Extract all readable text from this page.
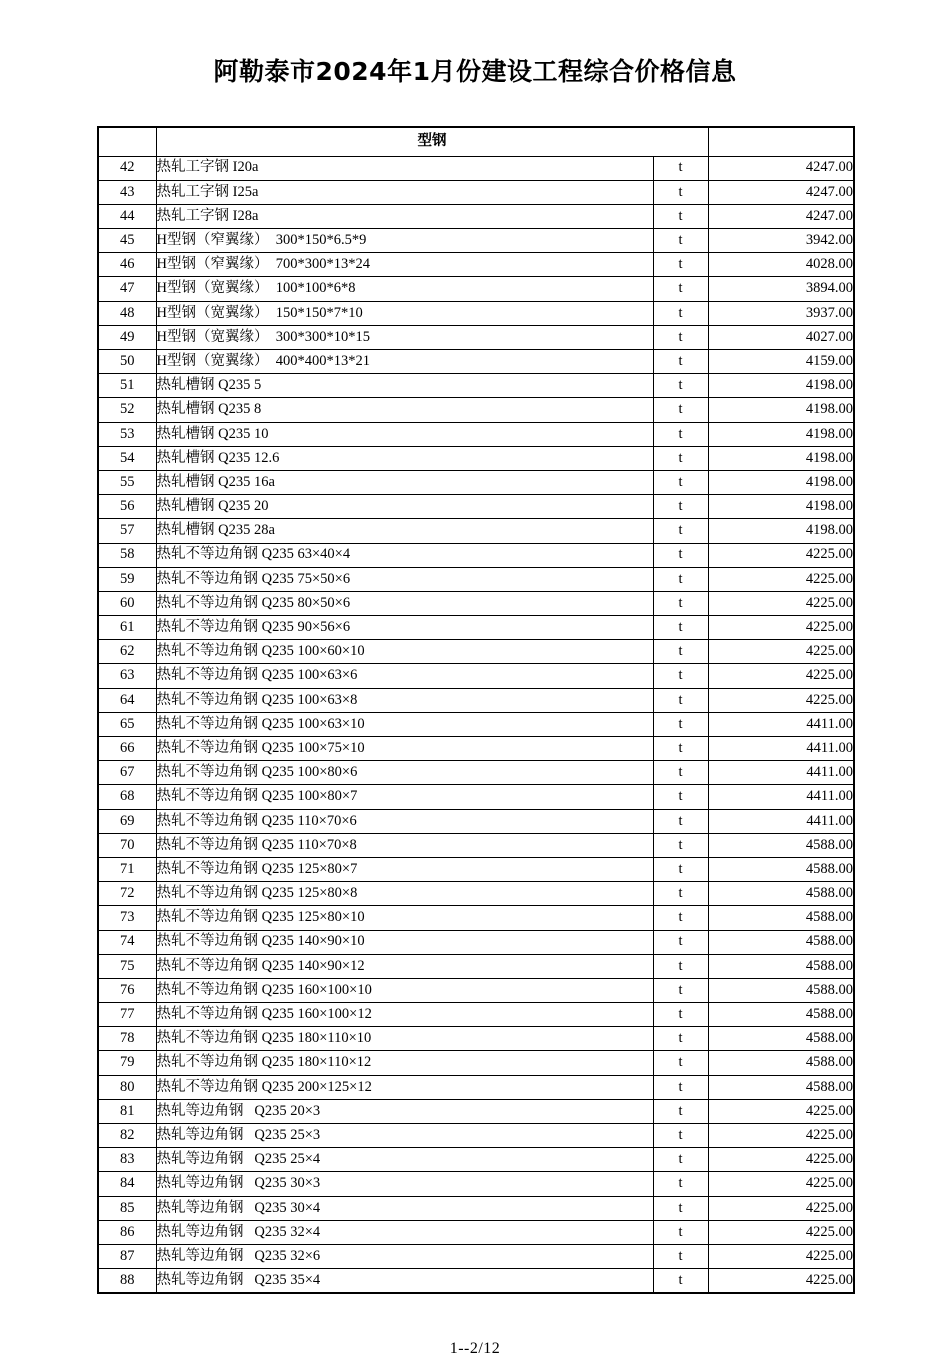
阿勒泰市2024年1月份建设工程综合价格信息
	型钢		
42	热轧工字钢 I20a	t	4247.00
43	热轧工字钢 I25a	t	4247.00
44	热轧工字钢 I28a	t	4247.00
45	H型钢（窄翼缘）  300*150*6.5*9	t	3942.00
46	H型钢（窄翼缘）  700*300*13*24	t	4028.00
47	H型钢（宽翼缘）  100*100*6*8	t	3894.00
48	H型钢（宽翼缘）  150*150*7*10	t	3937.00
49	H型钢（宽翼缘）  300*300*10*15	t	4027.00
50	H型钢（宽翼缘）  400*400*13*21	t	4159.00
51	热轧槽钢 Q235 5	t	4198.00
52	热轧槽钢 Q235 8	t	4198.00
53	热轧槽钢 Q235 10	t	4198.00
54	热轧槽钢 Q235 12.6	t	4198.00
55	热轧槽钢 Q235 16a	t	4198.00
56	热轧槽钢 Q235 20	t	4198.00
57	热轧槽钢 Q235 28a	t	4198.00
58	热轧不等边角钢 Q235 63×40×4	t	4225.00
59	热轧不等边角钢 Q235 75×50×6	t	4225.00
60	热轧不等边角钢 Q235 80×50×6	t	4225.00
61	热轧不等边角钢 Q235 90×56×6	t	4225.00
62	热轧不等边角钢 Q235 100×60×10	t	4225.00
63	热轧不等边角钢 Q235 100×63×6	t	4225.00
64	热轧不等边角钢 Q235 100×63×8	t	4225.00
65	热轧不等边角钢 Q235 100×63×10	t	4411.00
66	热轧不等边角钢 Q235 100×75×10	t	4411.00
67	热轧不等边角钢 Q235 100×80×6	t	4411.00
68	热轧不等边角钢 Q235 100×80×7	t	4411.00
69	热轧不等边角钢 Q235 110×70×6	t	4411.00
70	热轧不等边角钢 Q235 110×70×8	t	4588.00
71	热轧不等边角钢 Q235 125×80×7	t	4588.00
72	热轧不等边角钢 Q235 125×80×8	t	4588.00
73	热轧不等边角钢 Q235 125×80×10	t	4588.00
74	热轧不等边角钢 Q235 140×90×10	t	4588.00
75	热轧不等边角钢 Q235 140×90×12	t	4588.00
76	热轧不等边角钢 Q235 160×100×10	t	4588.00
77	热轧不等边角钢 Q235 160×100×12	t	4588.00
78	热轧不等边角钢 Q235 180×110×10	t	4588.00
79	热轧不等边角钢 Q235 180×110×12	t	4588.00
80	热轧不等边角钢 Q235 200×125×12	t	4588.00
81	热轧等边角钢   Q235 20×3	t	4225.00
82	热轧等边角钢   Q235 25×3	t	4225.00
83	热轧等边角钢   Q235 25×4	t	4225.00
84	热轧等边角钢   Q235 30×3	t	4225.00
85	热轧等边角钢   Q235 30×4	t	4225.00
86	热轧等边角钢   Q235 32×4	t	4225.00
87	热轧等边角钢   Q235 32×6	t	4225.00
88	热轧等边角钢   Q235 35×4	t	4225.00
1--2/12
